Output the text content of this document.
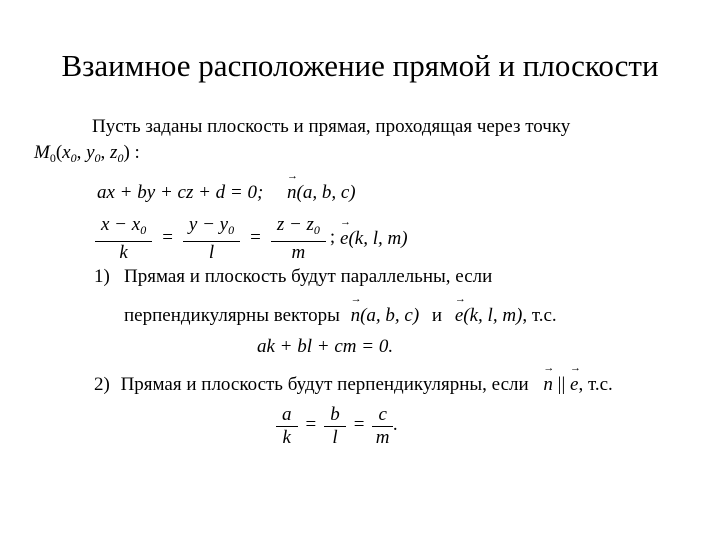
Взаимное расположение прямой и плоскости
Пусть заданы плоскость и прямая, проходящая через точку
$M_0(x_0$, $y_0$, $z_0$) :
ax + by + cz + d = 0;
→
n(a, b, c)
$\frac{x - x_0}{k} = \frac{y - y_0}{l} = \frac{z - z_0}{m}$ ;
→
e(k, l, m)
1) Прямая и плоскость будут параллельны, если
перпендикулярны векторы
→
n(a, b, c) и
→
e(k, l, m), т.с.
ak + bl + cm = 0.
2) Прямая и плоскость будут перпендикулярны, если
→
n ||
→
e, т.с.
$\frac{a}{k} = \frac{b}{l} = \frac{c}{m}$ .
